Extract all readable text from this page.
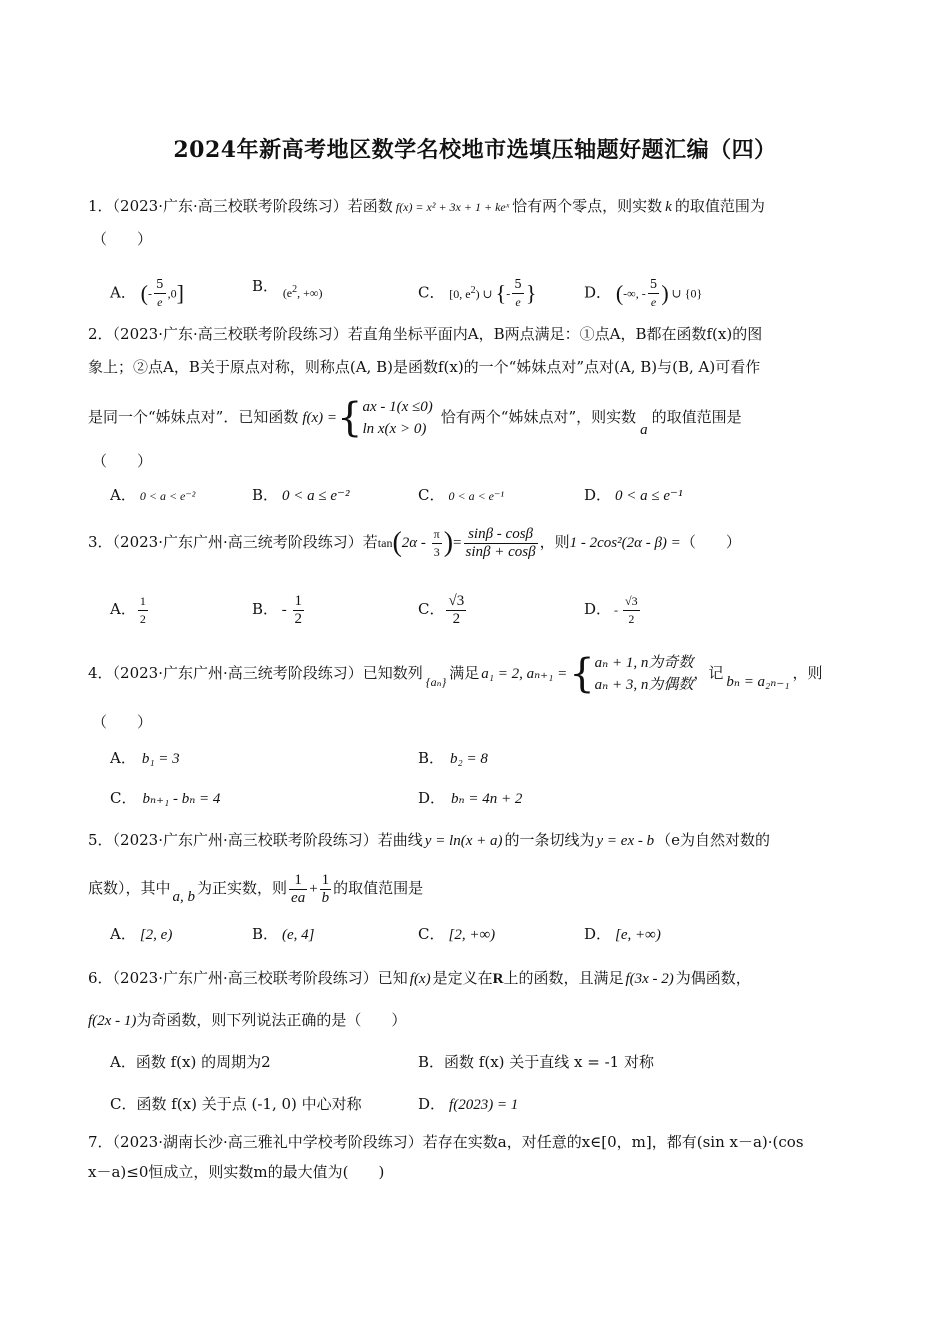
2024年新高考地区数学名校地市选填压轴题好题汇编（四）
1．（2023·广东·高三校联考阶段练习）若函数 f(x) = x² + 3x + 1 + keˣ 恰有两个零点，则实数 k 的取值范围为
（　　）
A． (- $\frac{5}{e} ,0$]	B． $_{(e^2, +\infty)}$	C． [0, $e^2$) ∪ {- $\frac{5}{e}$ }	D． (-∞, - $\frac{5}{e}$ ) ∪ {0}
2．（2023·广东·高三校联考阶段练习）若直角坐标平面内A，B两点满足：①点A，B都在函数f(x)的图
象上；②点A，B关于原点对称，则称点(A, B)是函数f(x)的一个“姊妹点对”点对(A, B)与(B, A)可看作
是同一个“姊妹点对”．已知函数 f(x) ={ ax - 1(x ≤0)
ln x(x > 0)
恰有两个“姊妹点对”，则实数a的取值范围是
（　　）
A． 0 < a < e⁻²	B． 0 < a ≤ e⁻²	C． 0 < a < e⁻¹	D． 0 < a ≤ e⁻¹
3．（2023·广东广州·高三统考阶段练习）若$\tan(2\alpha - \frac{\pi}{3}$ )= $\frac{\sin\beta - \cos\beta}{\sin\beta + \cos\beta}$ ，则1 - 2cos²(2α - β) =（　　）
A． $\frac{1}{2}$	B． - $\frac{1}{2}$	C． $\frac{√3}{2}$	D． - $\frac{√3}{2}$
4．（2023·广东广州·高三统考阶段练习）已知数列 $_{\{a_n\}}$ 满足 a₁ = 2, aₙ₊₁ ={ aₙ + 1, n为奇数
aₙ + 3, n为偶数
，记 bₙ = a₂ₙ₋₁ ，则
（　　）
A． b₁ = 3	B． b₂ = 8
C． bₙ₊₁ - bₙ = 4	D． bₙ = 4n + 2
5．（2023·广东广州·高三校联考阶段练习）若曲线 y = ln(x + a) 的一条切线为 y = ex - b （e为自然对数的
底数），其中 a, b 为正实数，则 $\frac{1}{ea} + \frac{1}{b}$ 的取值范围是
A． [2, e)	B． (e, 4]	C． [2, +∞)	D． [e, +∞)
6．（2023·广东广州·高三校联考阶段练习）已知 f(x) 是定义在R上的函数，且满足 f(3x - 2) 为偶函数，
f(2x - 1)为奇函数，则下列说法正确的是（　　）
A．函数 f(x) 的周期为2	B．函数 f(x) 关于直线 x = -1 对称
C．函数 f(x) 关于点 (-1, 0) 中心对称	D． f(2023) = 1
7．（2023·湖南长沙·高三雅礼中学校考阶段练习）若存在实数a，对任意的x∈[0，m]，都有(sin x－a)·(cos
x－a)≤0恒成立，则实数m的最大值为(　　)
